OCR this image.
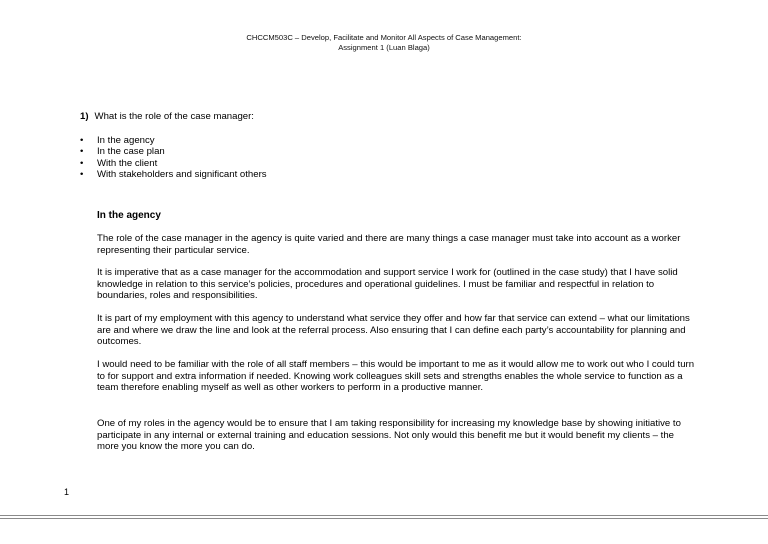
CHCCM503C – Develop, Facilitate and Monitor All Aspects of Case Management:
Assignment 1 (Luan Blaga)
1) What is the role of the case manager:
• In the agency
• In the case plan
• With the client
• With stakeholders and significant others
In the agency

The role of the case manager in the agency is quite varied and there are many things a case manager must take into account as a worker representing their particular service.

It is imperative that as a case manager for the accommodation and support service I work for (outlined in the case study) that I have solid knowledge in relation to this service’s policies, procedures and operational guidelines. I must be familiar and respectful in relation to boundaries, roles and responsibilities.

It is part of my employment with this agency to understand what service they offer and how far that service can extend – what our limitations are and where we draw the line and look at the referral process. Also ensuring that I can define each party’s accountability for planning and outcomes.

I would need to be familiar with the role of all staff members – this would be important to me as it would allow me to work out who I could turn to for support and extra information if needed. Knowing work colleagues skill sets and strengths enables the whole service to function as a team therefore enabling myself as well as other workers to perform in a productive manner.

One of my roles in the agency would be to ensure that I am taking responsibility for increasing my knowledge base by showing initiative to participate in any internal or external training and education sessions. Not only would this benefit me but it would benefit my clients – the more you know the more you can do.

1
